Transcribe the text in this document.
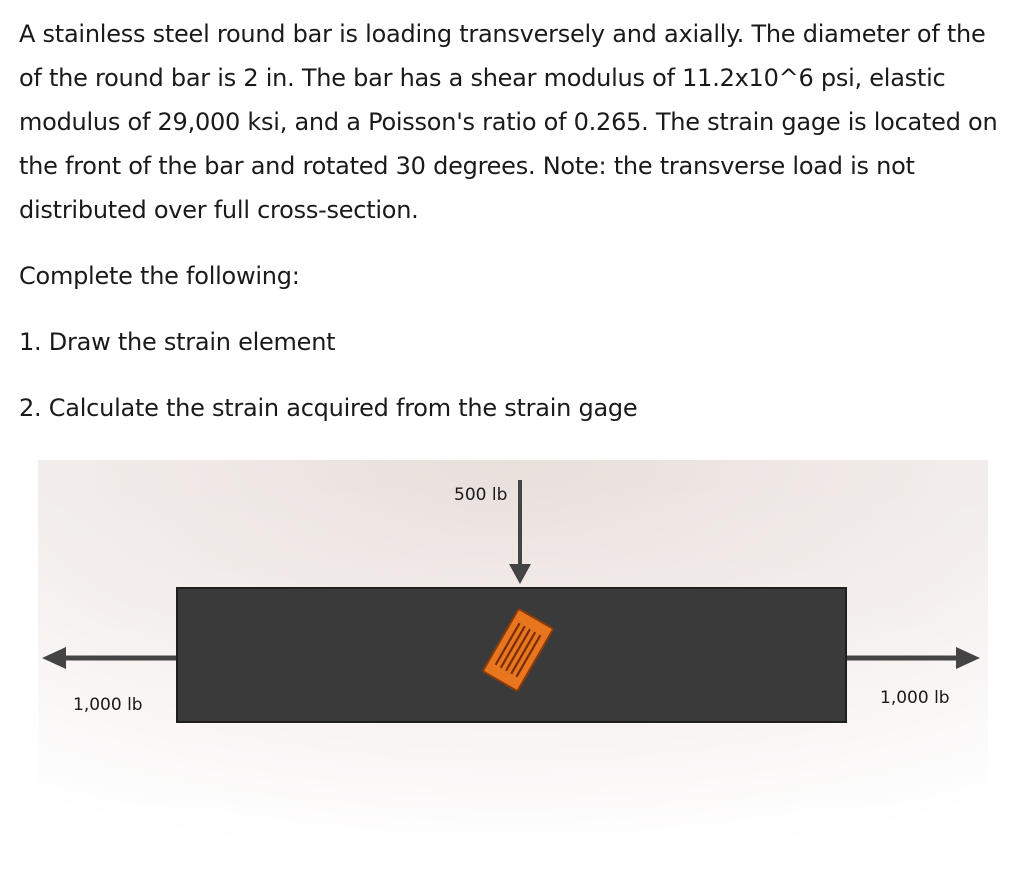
A stainless steel round bar is loading transversely and axially. The diameter of the of the round bar is 2 in. The bar has a shear modulus of 11.2x10^6 psi, elastic modulus of 29,000 ksi, and a Poisson's ratio of 0.265. The strain gage is located on the front of the bar and rotated 30 degrees. Note: the transverse load is not distributed over full cross-section.

Complete the following:

1. Draw the strain element

2. Calculate the strain acquired from the strain gage

500 lb
1,000 lb	1,000 lb
